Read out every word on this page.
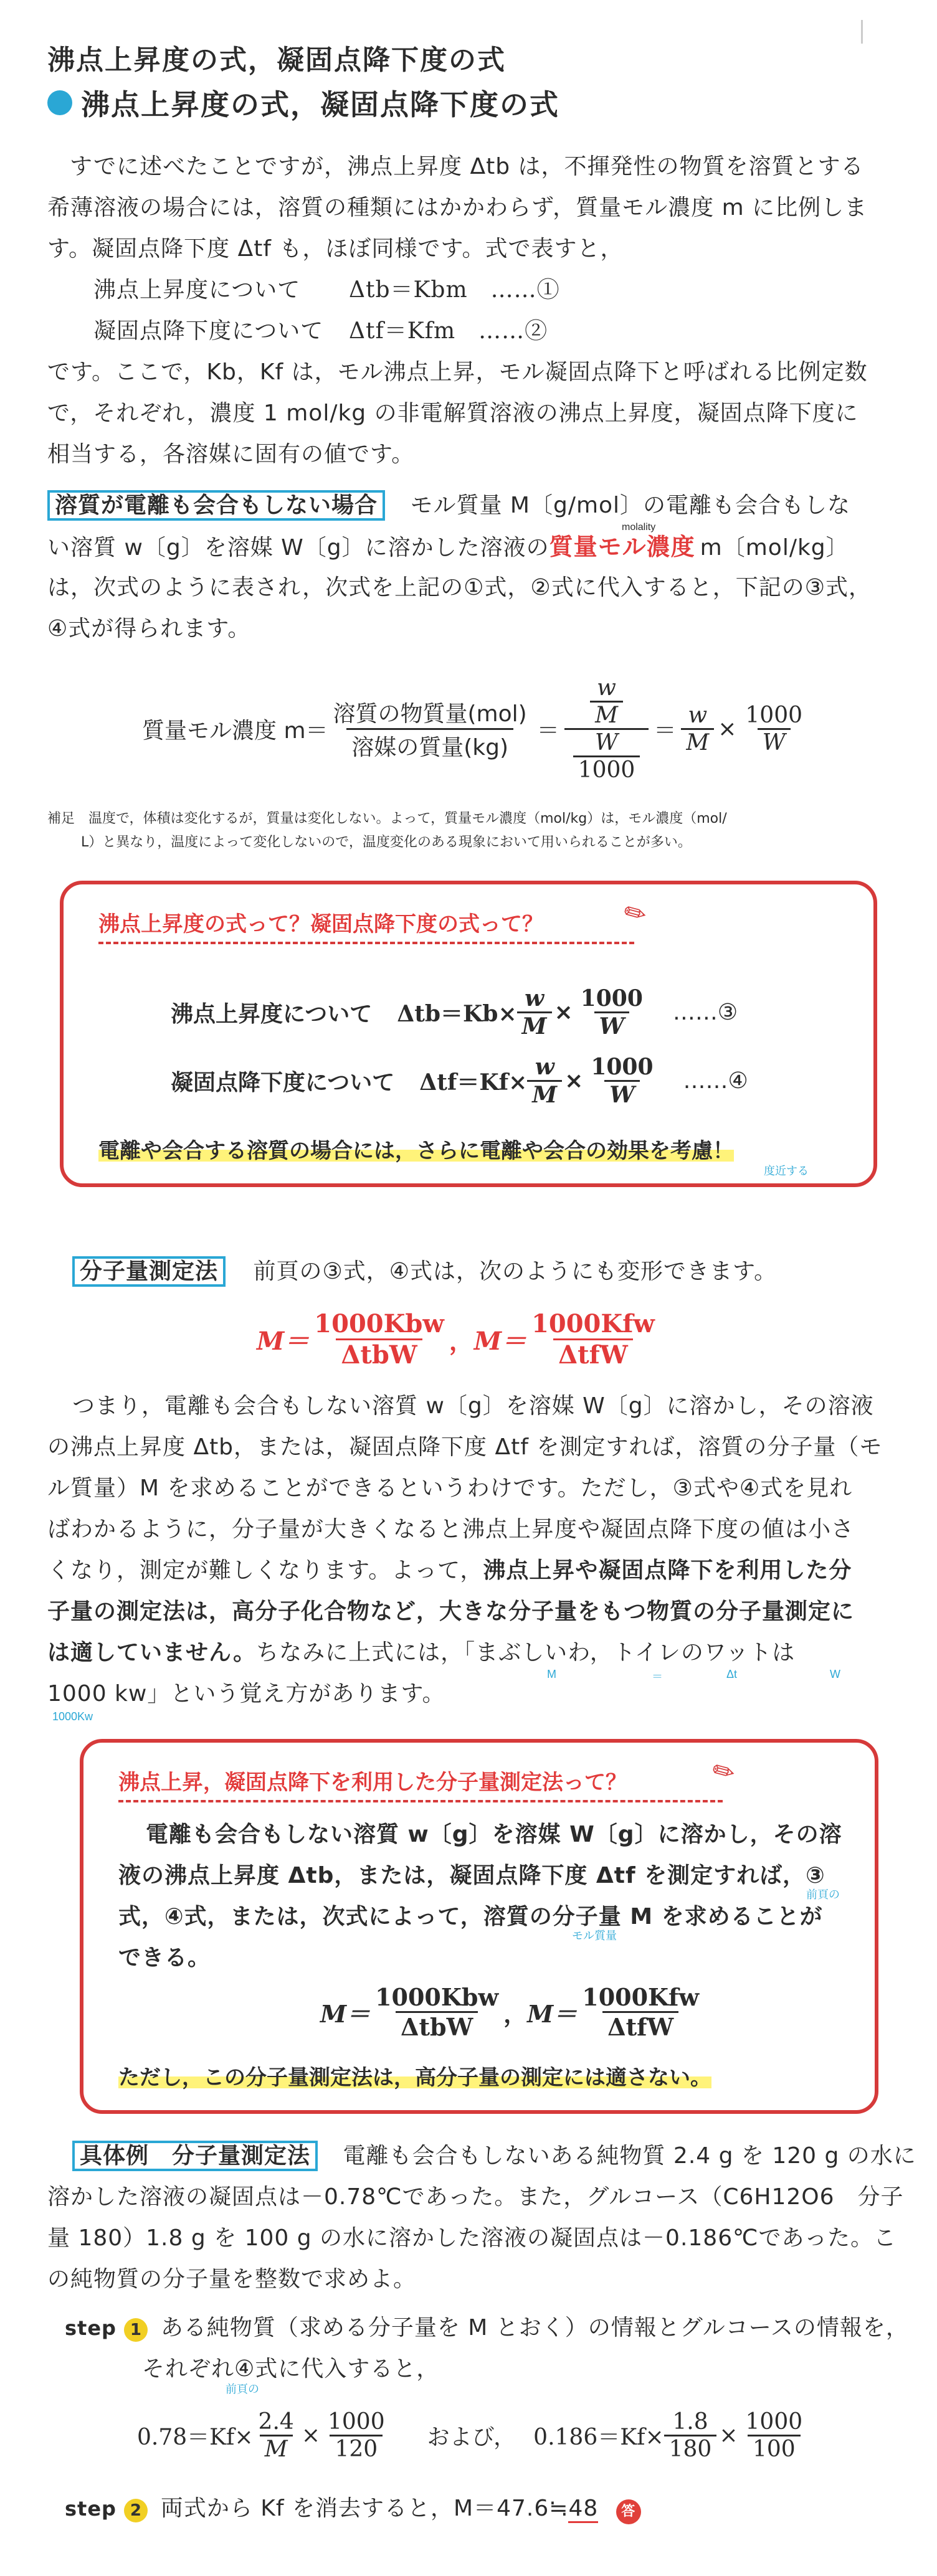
沸点上昇度の式，凝固点降下度の式
沸点上昇度の式，凝固点降下度の式
すでに述べたことですが，沸点上昇度 Δtb は，不揮発性の物質を溶質とする
希薄溶液の場合には，溶質の種類にはかかわらず，質量モル濃度 m に比例しま
す。凝固点降下度 Δtf も，ほぼ同様です。式で表すと，
沸点上昇度について Δtb＝Kbm　……①
凝固点降下度について Δtf＝Kfm　……②
です。ここで，Kb，Kf は，モル沸点上昇，モル凝固点降下と呼ばれる比例定数
で，それぞれ，濃度 1 mol/kg の非電解質溶液の沸点上昇度，凝固点降下度に
相当する，各溶媒に固有の値です。
溶質が電離も会合もしない場合 モル質量 M〔g/mol〕の電離も会合もしな
molality
い溶質 w〔g〕を溶媒 W〔g〕に溶かした溶液の質量モル濃度 m〔mol/kg〕
は，次式のように表され，次式を上記の①式，②式に代入すると，下記の③式，
④式が得られます。
質量モル濃度 $m= \frac{\text{溶質の物質量(mol)}}{\text{溶媒の質量(kg)}} = \frac{\frac{w}{M}}{\frac{W}{1000}} = \frac{w}{M} \times \frac{1000}{W}$
補足　温度で，体積は変化するが，質量は変化しない。よって，質量モル濃度（mol/kg）は，モル濃度（mol/
L）と異なり，温度によって変化しないので，温度変化のある現象において用いられることが多い。
沸点上昇度の式って？凝固点降下度の式って？	✎
沸点上昇度について $\Delta tb=Kb\times \frac{w}{M} \times \frac{1000}{W}$ ……③
凝固点降下度について $\Delta tf=Kf\times \frac{w}{M} \times \frac{1000}{W}$ ……④
電離や会合する溶質の場合には，さらに電離や会合の効果を考慮！
度近する
分子量測定法 前頁の③式，④式は，次のようにも変形できます。
$M= \frac{\text{1000Kbw}}{\text{ΔtbW}}$ ， $M= \frac{\text{1000Kfw}}{\text{ΔtfW}}$
つまり，電離も会合もしない溶質 w〔g〕を溶媒 W〔g〕に溶かし，その溶液
の沸点上昇度 Δtb，または，凝固点降下度 Δtf を測定すれば，溶質の分子量（モ
ル質量）M を求めることができるというわけです。ただし，③式や④式を見れ
ばわかるように，分子量が大きくなると沸点上昇度や凝固点降下度の値は小さ
くなり，測定が難しくなります。よって，沸点上昇や凝固点降下を利用した分
子量の測定法は，高分子化合物など，大きな分子量をもつ物質の分子量測定に
は適していません。ちなみに上式には，「まぶしいわ，トイレのワットは
M	＝	Δt	W
1000 kw」という覚え方があります。
1000Kw
沸点上昇，凝固点降下を利用した分子量測定法って？	✎
電離も会合もしない溶質 w〔g〕を溶媒 W〔g〕に溶かし，その溶
液の沸点上昇度 Δtb，または，凝固点降下度 Δtf を測定すれば，③
前頁の
式，④式，または，次式によって，溶質の分子量 M を求めることが
モル質量
できる。
$M= \frac{\text{1000Kbw}}{\text{ΔtbW}}$ ， $M= \frac{\text{1000Kfw}}{\text{ΔtfW}}$
ただし，この分子量測定法は，高分子量の測定には適さない。
具体例　分子量測定法 電離も会合もしないある純物質 2.4 g を 120 g の水に
溶かした溶液の凝固点は－0.78℃であった。また，グルコース（C6H12O6　分子
量 180）1.8 g を 100 g の水に溶かした溶液の凝固点は－0.186℃であった。こ
の純物質の分子量を整数で求めよ。
step 1 ある純物質（求める分子量を M とおく）の情報とグルコースの情報を，
それぞれ④式に代入すると，
前頁の
$0.78=Kf\times \frac{2.4}{M} \times \frac{1000}{120}$ および， $0.186=Kf\times \frac{1.8}{180} \times \frac{1000}{100}$
step 2 両式から Kf を消去すると，M＝47.6≒48 答
